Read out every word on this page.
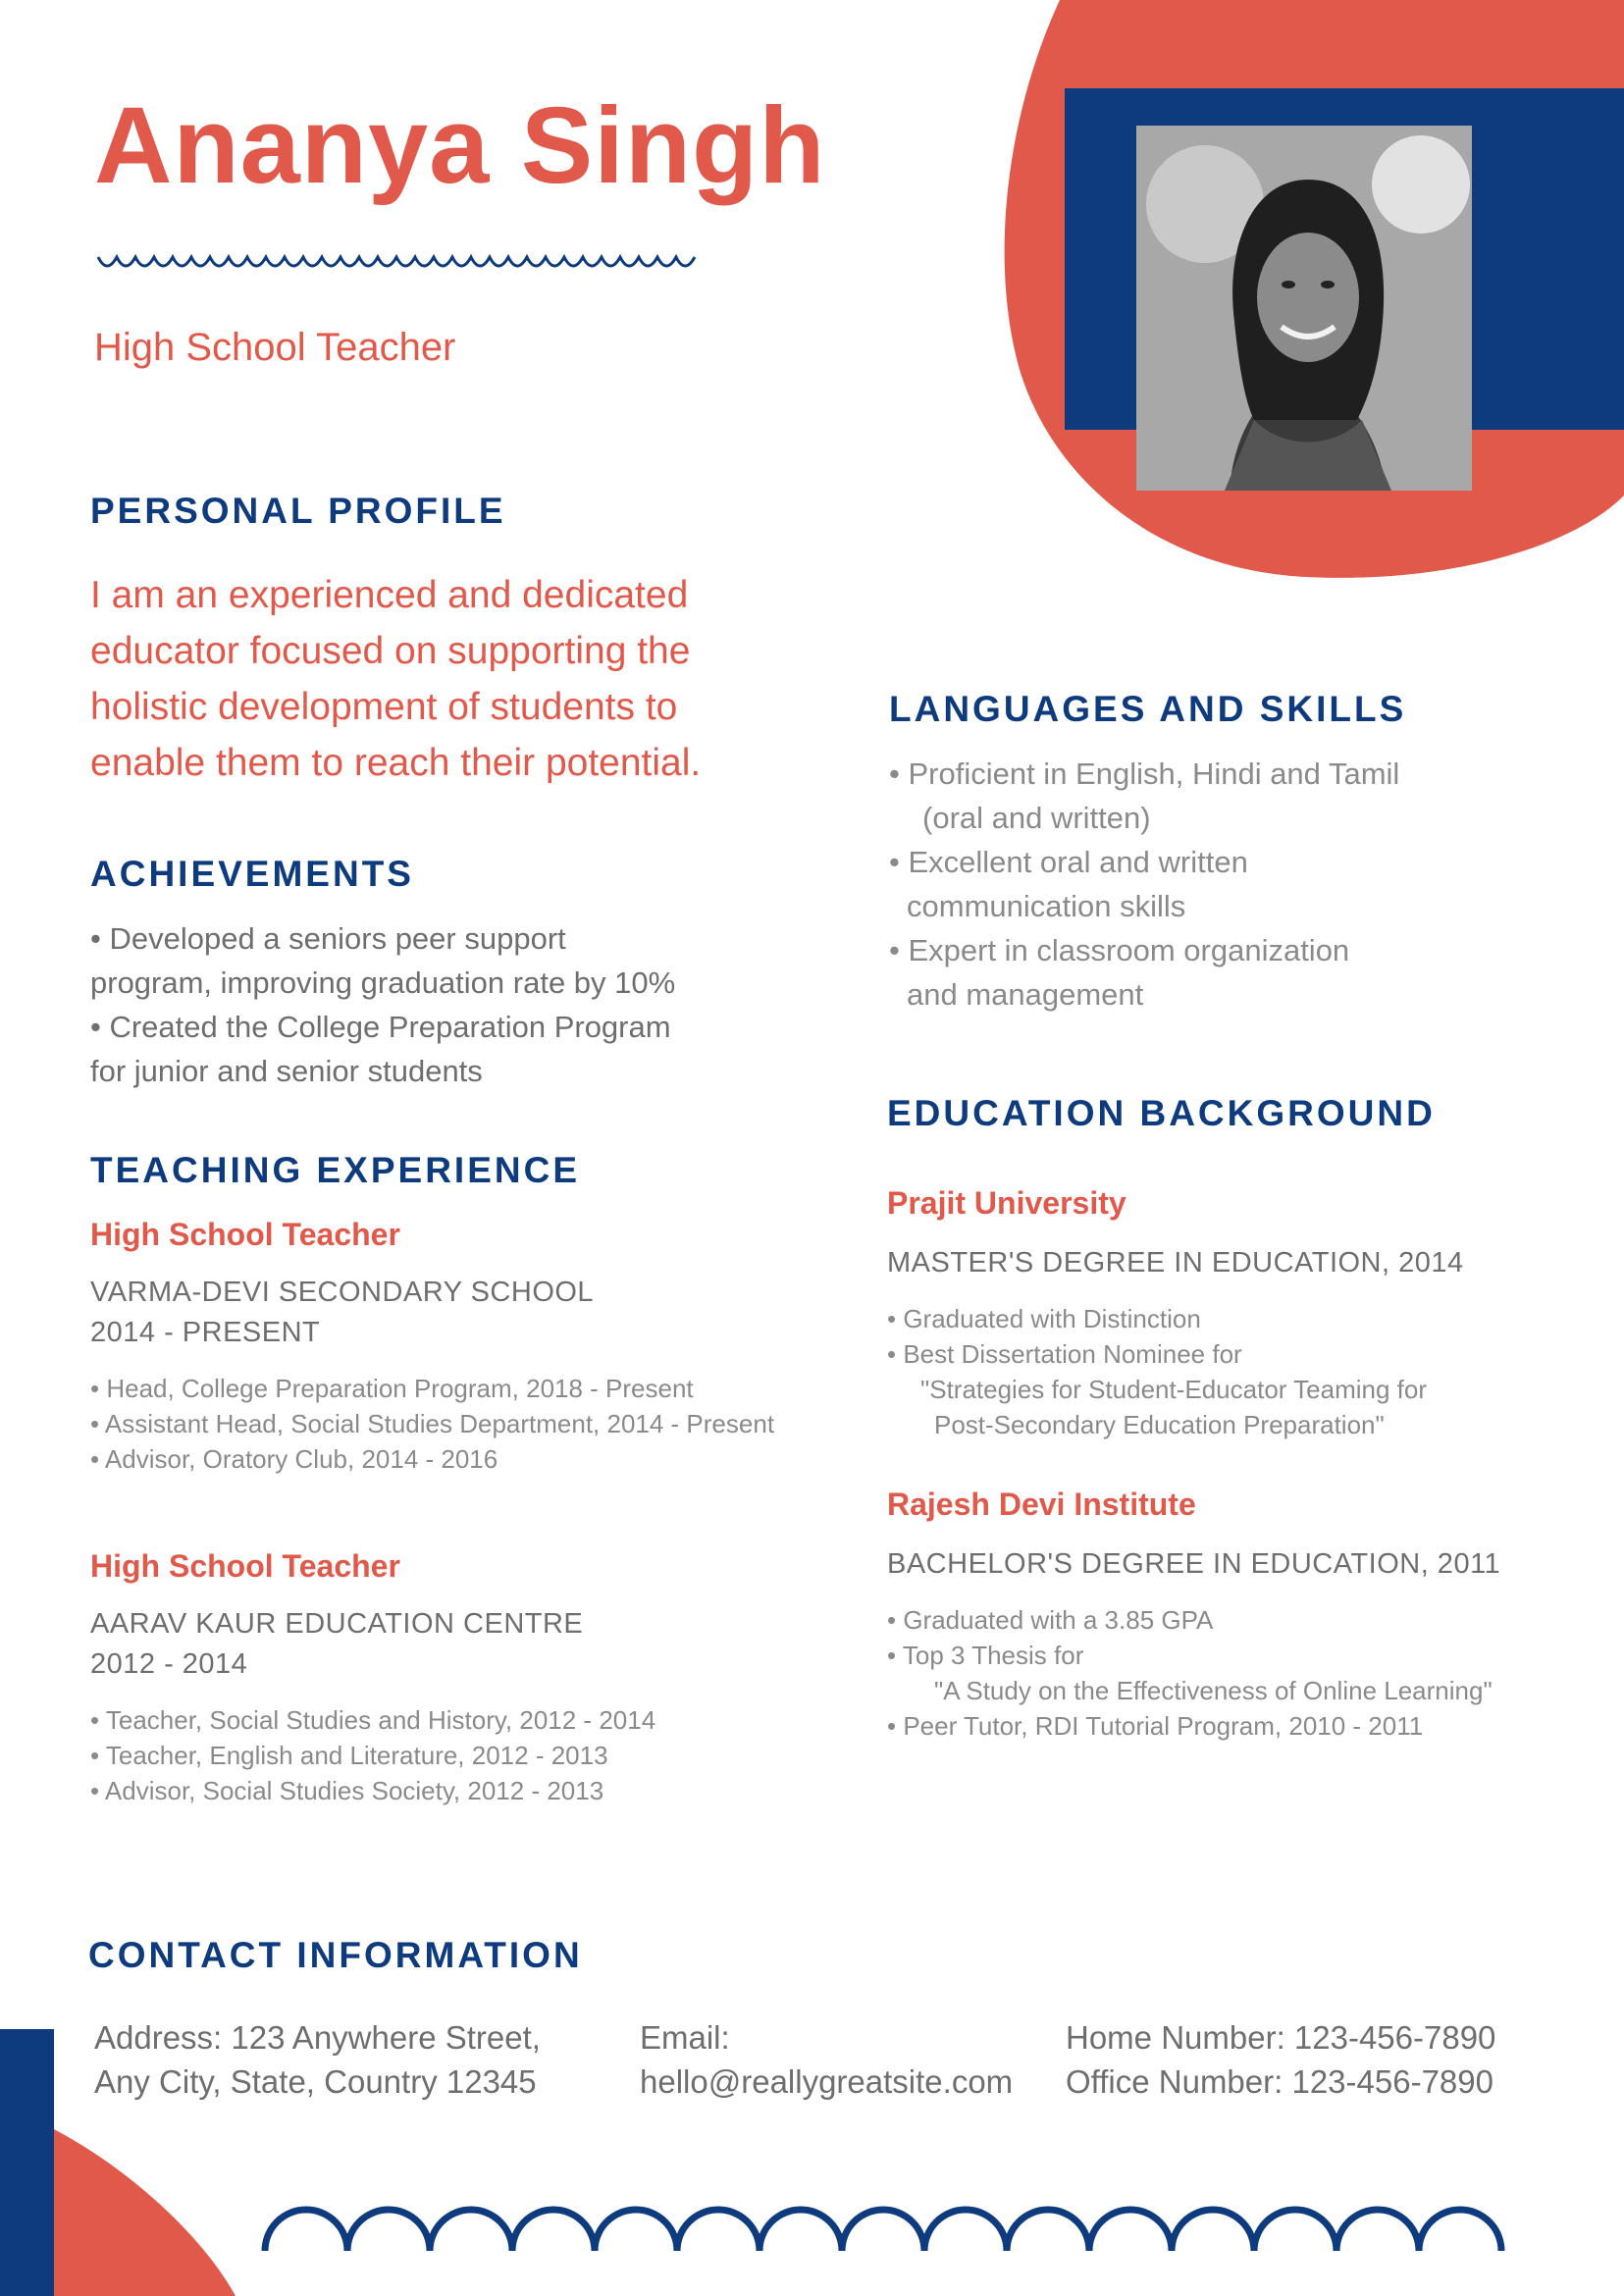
Ananya Singh
High School Teacher
PERSONAL PROFILE
I am an experienced and dedicated
educator focused on supporting the
holistic development of students to
enable them to reach their potential.
ACHIEVEMENTS
• Developed a seniors peer support
program, improving graduation rate by 10%
• Created the College Preparation Program
for junior and senior students
TEACHING EXPERIENCE
High School Teacher
VARMA-DEVI SECONDARY SCHOOL
2014 - PRESENT
• Head, College Preparation Program, 2018 - Present
• Assistant Head, Social Studies Department, 2014 - Present
• Advisor, Oratory Club, 2014 - 2016
High School Teacher
AARAV KAUR EDUCATION CENTRE
2012 - 2014
• Teacher, Social Studies and History, 2012 - 2014
• Teacher, English and Literature, 2012 - 2013
• Advisor, Social Studies Society, 2012 - 2013
LANGUAGES AND SKILLS
• Proficient in English, Hindi and Tamil
(oral and written)
• Excellent oral and written
communication skills
• Expert in classroom organization
and management
EDUCATION BACKGROUND
Prajit University
MASTER'S DEGREE IN EDUCATION, 2014
• Graduated with Distinction
• Best Dissertation Nominee for
"Strategies for Student-Educator Teaming for
Post-Secondary Education Preparation"
Rajesh Devi Institute
BACHELOR'S DEGREE IN EDUCATION, 2011
• Graduated with a 3.85 GPA
• Top 3 Thesis for
"A Study on the Effectiveness of Online Learning"
• Peer Tutor, RDI Tutorial Program, 2010 - 2011
CONTACT INFORMATION
Address: 123 Anywhere Street,
Any City, State, Country 12345
Email:
hello@reallygreatsite.com
Home Number: 123-456-7890
Office Number: 123-456-7890
